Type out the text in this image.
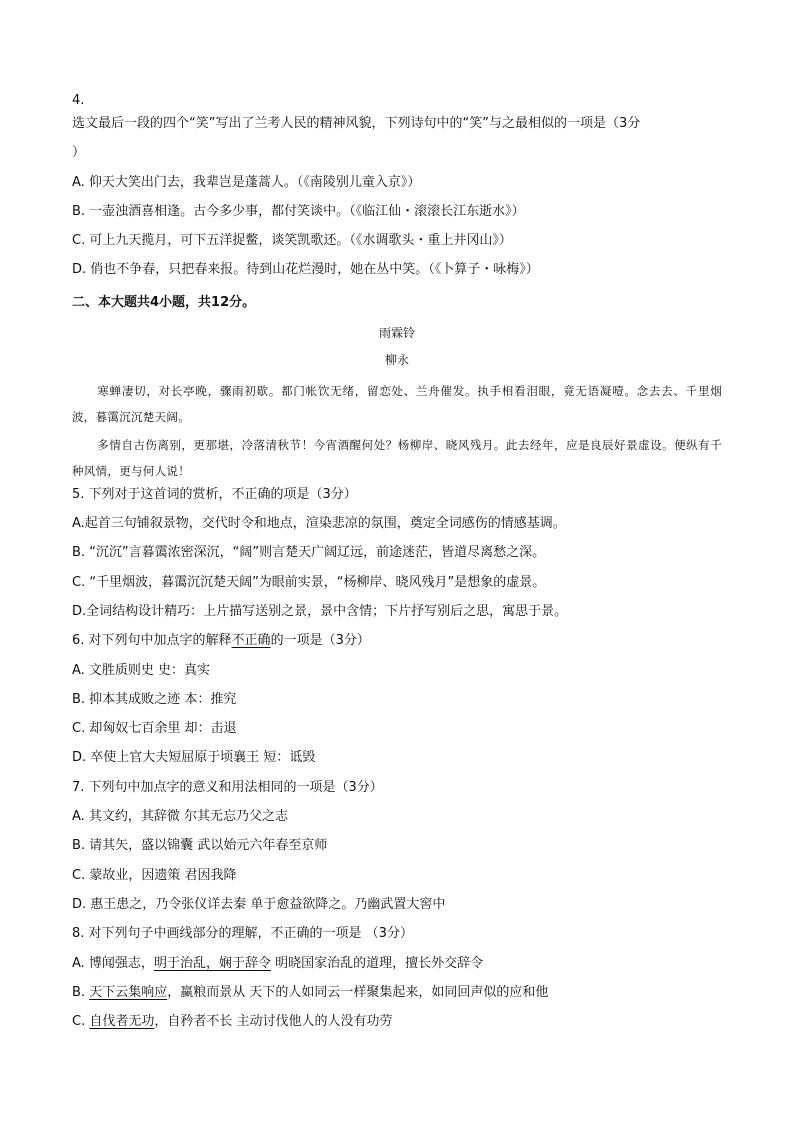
4.
选文最后一段的四个“笑”写出了兰考人民的精神风貌，下列诗句中的“笑”与之最相似的一项是（3分
）
A. 仰天大笑出门去，我辈岂是蓬蒿人。（《南陵别儿童入京》）
B. 一壶浊酒喜相逢。古今多少事，都付笑谈中。（《临江仙・滚滚长江东逝水》）
C. 可上九天揽月，可下五洋捉鳖，谈笑凯歌还。（《水调歌头・重上井冈山》）
D. 俏也不争春，只把春来报。待到山花烂漫时，她在丛中笑。（《卜算子・咏梅》）
二、本大题共4小题，共12分。
雨霖铃
柳永
寒蝉凄切，对长亭晚，骤雨初歇。都门帐饮无绪，留恋处、兰舟催发。执手相看泪眼，竟无语凝噎。念去去、千里烟波，暮霭沉沉楚天阔。
多情自古伤离别，更那堪，冷落清秋节！今宵酒醒何处？杨柳岸、晓风残月。此去经年，应是良辰好景虚设。便纵有千种风情，更与何人说！
5. 下列对于这首词的赏析，不正确的项是（3分）
A.起首三句铺叙景物，交代时令和地点，渲染悲凉的氛围，奠定全词感伤的情感基调。
B. “沉沉”言暮霭浓密深沉，“阔”则言楚天广阔辽远，前途迷茫，皆道尽离愁之深。
C. “千里烟波，暮霭沉沉楚天阔”为眼前实景，“杨柳岸、晓风残月”是想象的虚景。
D.全词结构设计精巧：上片描写送别之景，景中含情；下片抒写别后之思，寓思于景。
6. 对下列句中加点字的解释不正确的一项是（3分）
A. 文胜质则史 史：真实
B. 抑本其成败之迹 本：推究
C. 却匈奴七百余里 却：击退
D. 卒使上官大夫短屈原于顷襄王 短：诋毁
7. 下列句中加点字的意义和用法相同的一项是（3分）
A. 其文约，其辞微 尔其无忘乃父之志
B. 请其矢，盛以锦囊 武以始元六年春至京师
C. 蒙故业，因遗策 君因我降
D. 惠王患之，乃令张仪详去秦 单于愈益欲降之。乃幽武置大窖中
8. 对下列句子中画线部分的理解，不正确的一项是 （3分）
A. 博闻强志，明于治乱，娴于辞令 明晓国家治乱的道理，擅长外交辞令
B. 天下云集响应，赢粮而景从 天下的人如同云一样聚集起来，如同回声似的应和他
C. 自伐者无功，自矜者不长 主动讨伐他人的人没有功劳
